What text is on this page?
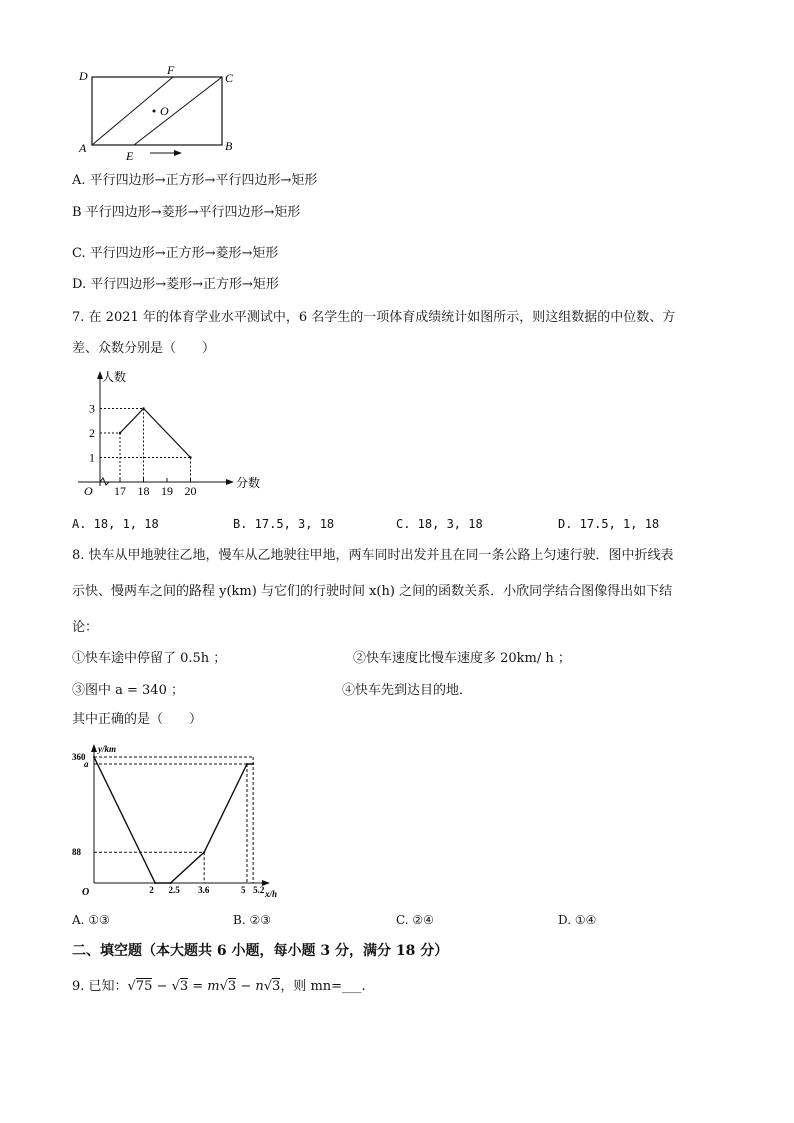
D	F
C
O
A
E
B
A. 平行四边形→正方形→平行四边形→矩形
B 平行四边形→菱形→平行四边形→矩形
C. 平行四边形→正方形→菱形→矩形
D. 平行四边形→菱形→正方形→矩形
7. 在 2021 年的体育学业水平测试中，6 名学生的一项体育成绩统计如图所示，则这组数据的中位数、方
差、众数分别是（　　）
人数
分数
O
1
2
3
17 18 19 20
A. 18, 1, 18	B. 17.5, 3, 18	C. 18, 3, 18	D. 17.5, 1, 18
8. 快车从甲地驶往乙地，慢车从乙地驶往甲地，两车同时出发并且在同一条公路上匀速行驶．图中折线表
示快、慢两车之间的路程 y(km) 与它们的行驶时间 x(h) 之间的函数关系．小欣同学结合图像得出如下结
论：
①快车途中停留了 0.5h ；	②快车速度比慢车速度多 20km/ h ；
③图中 a = 340 ；	④快车先到达目的地．
其中正确的是（　　）
y/km
x/h
O
360
a
88
2 2.5 3.6	5 5.2
A. ①③	B. ②③	C. ②④	D. ①④
二、填空题（本大题共 6 小题，每小题 3 分，满分 18 分）
9. 已知：√75 − √3 = m√3 − n√3，则 mn=___.
